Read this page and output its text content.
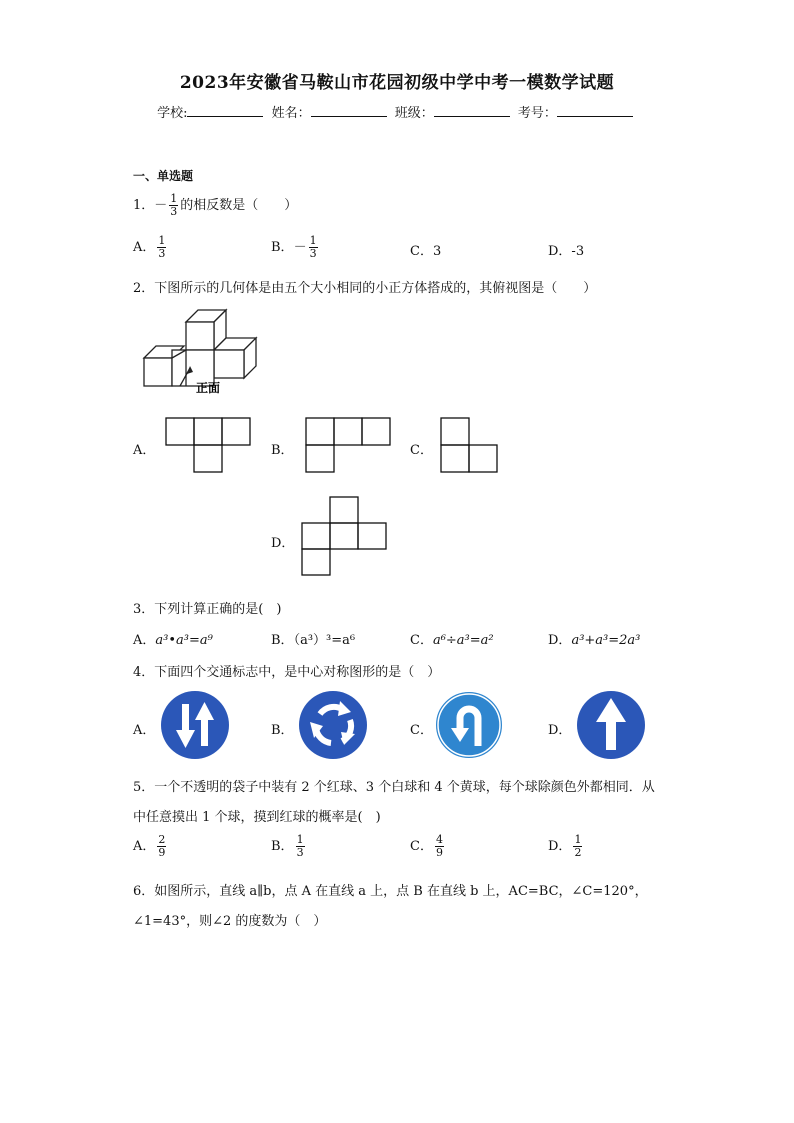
2023年安徽省马鞍山市花园初级中学中考一模数学试题
学校:	姓名：	班级：	考号：
一、单选题
1．－ $\frac{1}{3}$ 的相反数是（　　）
A． $\frac{1}{3}$	B．－ $\frac{1}{3}$	C．3	D．-3
2．下图所示的几何体是由五个大小相同的小正方体搭成的，其俯视图是（　　）
正面
A．	B．	C．
D．
3．下列计算正确的是(　)
A．a³•a³=a⁹	B．（a³）³=a⁶	C．a⁶÷a³=a²	D．a³+a³=2a³
4．下面四个交通标志中，是中心对称图形的是（　）
A．	B．	C．	D．
5．一个不透明的袋子中装有 2 个红球、3 个白球和 4 个黄球，每个球除颜色外都相同．从
中任意摸出 1 个球，摸到红球的概率是(　)
A． $\frac{2}{9}$	B． $\frac{1}{3}$	C． $\frac{4}{9}$	D． $\frac{1}{2}$
6．如图所示，直线 a∥b，点 A 在直线 a 上，点 B 在直线 b 上，AC=BC，∠C=120°，
∠1=43°，则∠2 的度数为（　）
